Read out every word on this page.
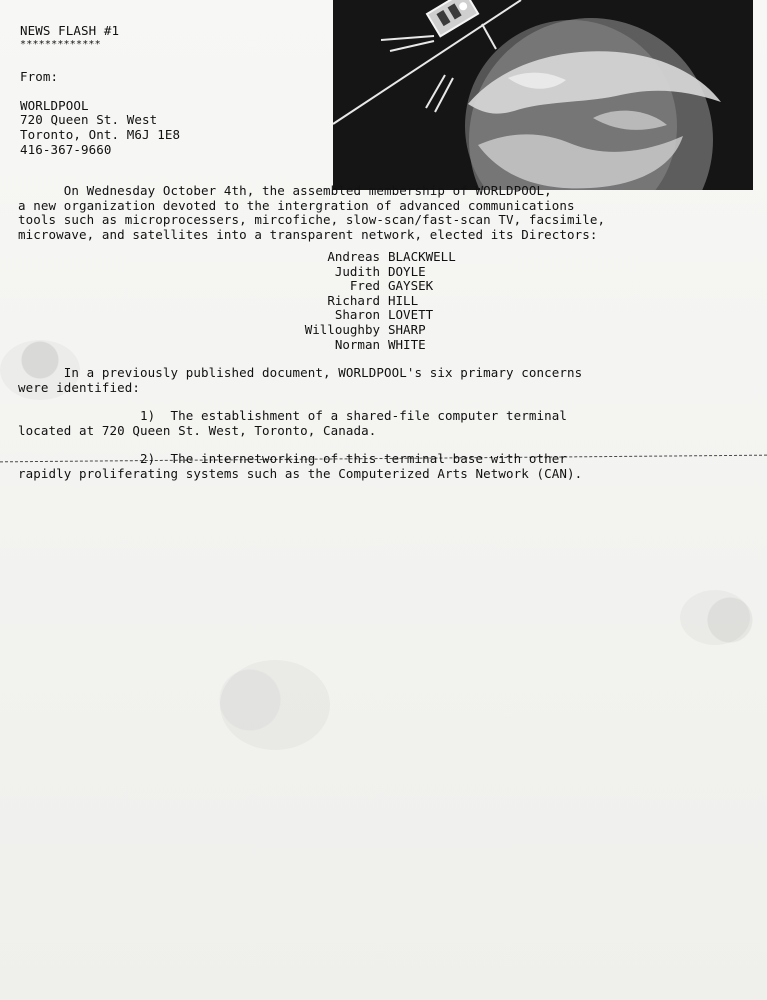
NEWS FLASH #1
*************
From:
WORLDPOOL
720 Queen St. West
Toronto, Ont. M6J 1E8
416-367-9660
On Wednesday October 4th, the assembled membership of WORLDPOOL,
a new organization devoted to the intergration of advanced communications
tools such as microprocessers, mircofiche, slow-scan/fast-scan TV, facsimile,
microwave, and satellites into a transparent network, elected its Directors:
Andreas BLACKWELL
Judith DOYLE
Fred GAYSEK
Richard HILL
Sharon LOVETT
Willoughby SHARP
Norman WHITE
In a previously published document, WORLDPOOL's six primary concerns
were identified:
1)  The establishment of a shared-file computer terminal
located at 720 Queen St. West, Toronto, Canada.
2)  The internetworking of this terminal base with other
rapidly proliferating systems such as the Computerized Arts Network (CAN).
